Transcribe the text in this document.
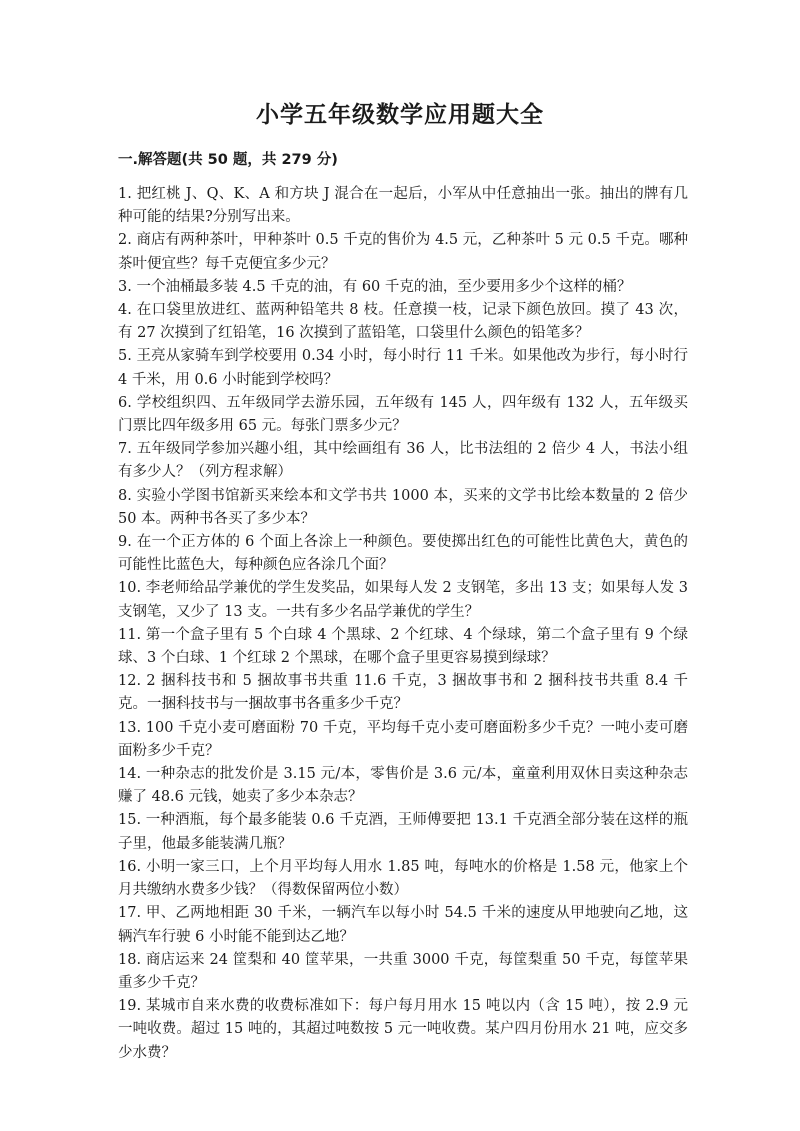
小学五年级数学应用题大全
一.解答题(共 50 题，共 279 分)
1. 把红桃 J、Q、K、A 和方块 J 混合在一起后，小军从中任意抽出一张。抽出的牌有几种可能的结果?分别写出来。
2. 商店有两种茶叶，甲种茶叶 0.5 千克的售价为 4.5 元，乙种茶叶 5 元 0.5 千克。哪种茶叶便宜些？每千克便宜多少元？
3. 一个油桶最多装 4.5 千克的油，有 60 千克的油，至少要用多少个这样的桶？
4. 在口袋里放进红、蓝两种铅笔共 8 枝。任意摸一枝，记录下颜色放回。摸了 43 次，有 27 次摸到了红铅笔，16 次摸到了蓝铅笔，口袋里什么颜色的铅笔多？
5. 王亮从家骑车到学校要用 0.34 小时，每小时行 11 千米。如果他改为步行，每小时行 4 千米，用 0.6 小时能到学校吗？
6. 学校组织四、五年级同学去游乐园，五年级有 145 人，四年级有 132 人，五年级买门票比四年级多用 65 元。每张门票多少元？
7. 五年级同学参加兴趣小组，其中绘画组有 36 人，比书法组的 2 倍少 4 人，书法小组有多少人？（列方程求解）
8. 实验小学图书馆新买来绘本和文学书共 1000 本，买来的文学书比绘本数量的 2 倍少 50 本。两种书各买了多少本？
9. 在一个正方体的 6 个面上各涂上一种颜色。要使掷出红色的可能性比黄色大，黄色的可能性比蓝色大，每种颜色应各涂几个面？
10. 李老师给品学兼优的学生发奖品，如果每人发 2 支钢笔，多出 13 支；如果每人发 3 支钢笔，又少了 13 支。一共有多少名品学兼优的学生？
11. 第一个盒子里有 5 个白球 4 个黑球、2 个红球、4 个绿球，第二个盒子里有 9 个绿球、3 个白球、1 个红球 2 个黑球，在哪个盒子里更容易摸到绿球？
12. 2 捆科技书和 5 捆故事书共重 11.6 千克，3 捆故事书和 2 捆科技书共重 8.4 千克。一捆科技书与一捆故事书各重多少千克？
13. 100 千克小麦可磨面粉 70 千克，平均每千克小麦可磨面粉多少千克？一吨小麦可磨面粉多少千克？
14. 一种杂志的批发价是 3.15 元/本，零售价是 3.6 元/本，童童利用双休日卖这种杂志赚了 48.6 元钱，她卖了多少本杂志？
15. 一种酒瓶，每个最多能装 0.6 千克酒，王师傅要把 13.1 千克酒全部分装在这样的瓶子里，他最多能装满几瓶？
16. 小明一家三口，上个月平均每人用水 1.85 吨，每吨水的价格是 1.58 元，他家上个月共缴纳水费多少钱？（得数保留两位小数）
17. 甲、乙两地相距 30 千米，一辆汽车以每小时 54.5 千米的速度从甲地驶向乙地，这辆汽车行驶 6 小时能不能到达乙地？
18. 商店运来 24 筐梨和 40 筐苹果，一共重 3000 千克，每筐梨重 50 千克，每筐苹果重多少千克？
19. 某城市自来水费的收费标准如下：每户每月用水 15 吨以内（含 15 吨），按 2.9 元一吨收费。超过 15 吨的，其超过吨数按 5 元一吨收费。某户四月份用水 21 吨，应交多少水费？
